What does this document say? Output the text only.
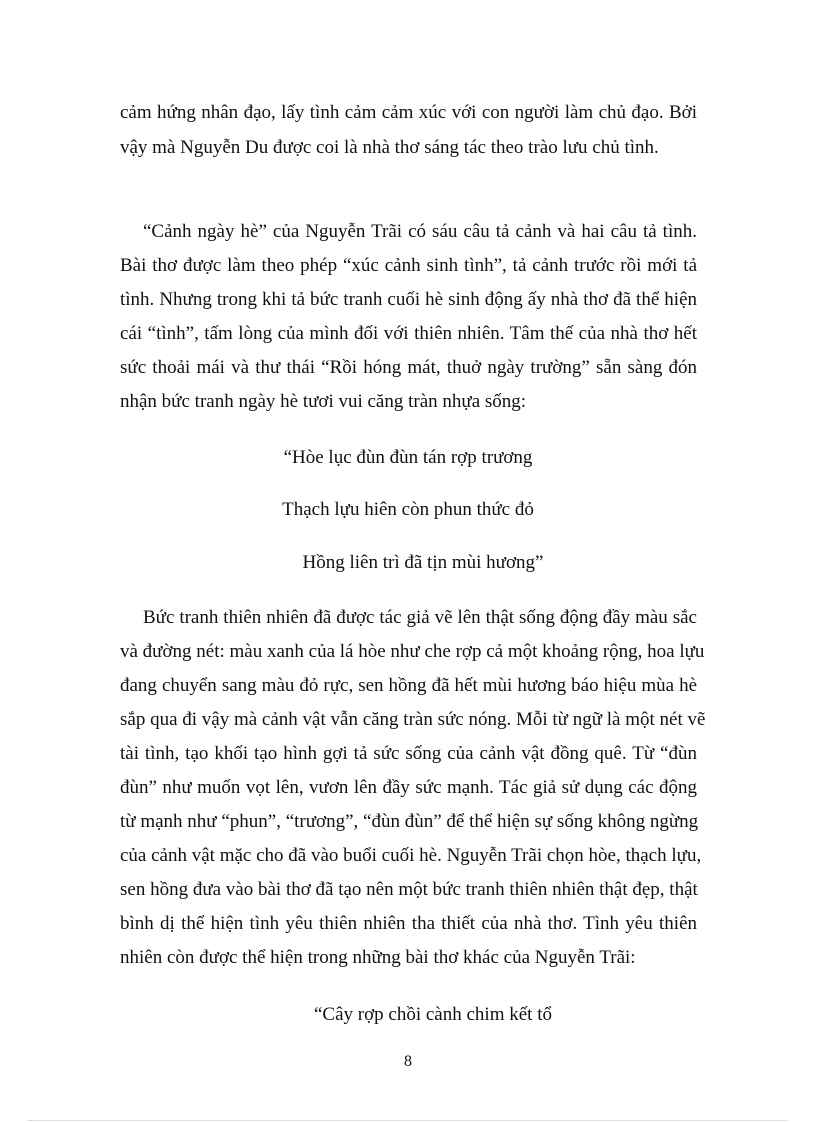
cảm hứng nhân đạo, lấy tình cảm cảm xúc với con người làm chủ đạo. Bởi
vậy mà Nguyễn Du được coi là nhà thơ sáng tác theo trào lưu chủ tình.
“Cảnh ngày hè” của Nguyễn Trãi có sáu câu tả cảnh và hai câu tả tình.
Bài thơ được làm theo phép “xúc cảnh sinh tình”, tả cảnh trước rồi mới tả
tình. Nhưng trong khi tả bức tranh cuối hè sinh động ấy nhà thơ đã thể hiện
cái “tình”, tấm lòng của mình đối với thiên nhiên. Tâm thế của nhà thơ hết
sức thoải mái và thư thái “Rồi hóng mát, thuở ngày trường” sẵn sàng đón
nhận bức tranh ngày hè tươi vui căng tràn nhựa sống:
“Hòe lục đùn đùn tán rợp trương
Thạch lựu hiên còn phun thức đỏ
Hồng liên trì đã tịn mùi hương”
Bức tranh thiên nhiên đã được tác giả vẽ lên thật sống động đầy màu sắc
và đường nét: màu xanh của lá hòe như che rợp cả một khoảng rộng, hoa lựu
đang chuyển sang màu đỏ rực, sen hồng đã hết mùi hương báo hiệu mùa hè
sắp qua đi vậy mà cảnh vật vẫn căng tràn sức nóng. Mỗi từ ngữ là một nét vẽ
tài tình, tạo khối tạo hình gợi tả sức sống của cảnh vật đồng quê. Từ “đùn
đùn” như muốn vọt lên, vươn lên đầy sức mạnh. Tác giả sử dụng các động
từ mạnh như “phun”, “trương”, “đùn đùn” để thể hiện sự sống không ngừng
của cảnh vật mặc cho đã vào buổi cuối hè. Nguyễn Trãi chọn hòe, thạch lựu,
sen hồng đưa vào bài thơ đã tạo nên một bức tranh thiên nhiên thật đẹp, thật
bình dị thể hiện tình yêu thiên nhiên tha thiết của nhà thơ. Tình yêu thiên
nhiên còn được thể hiện trong những bài thơ khác của Nguyễn Trãi:
“Cây rợp chồi cành chim kết tổ
8
